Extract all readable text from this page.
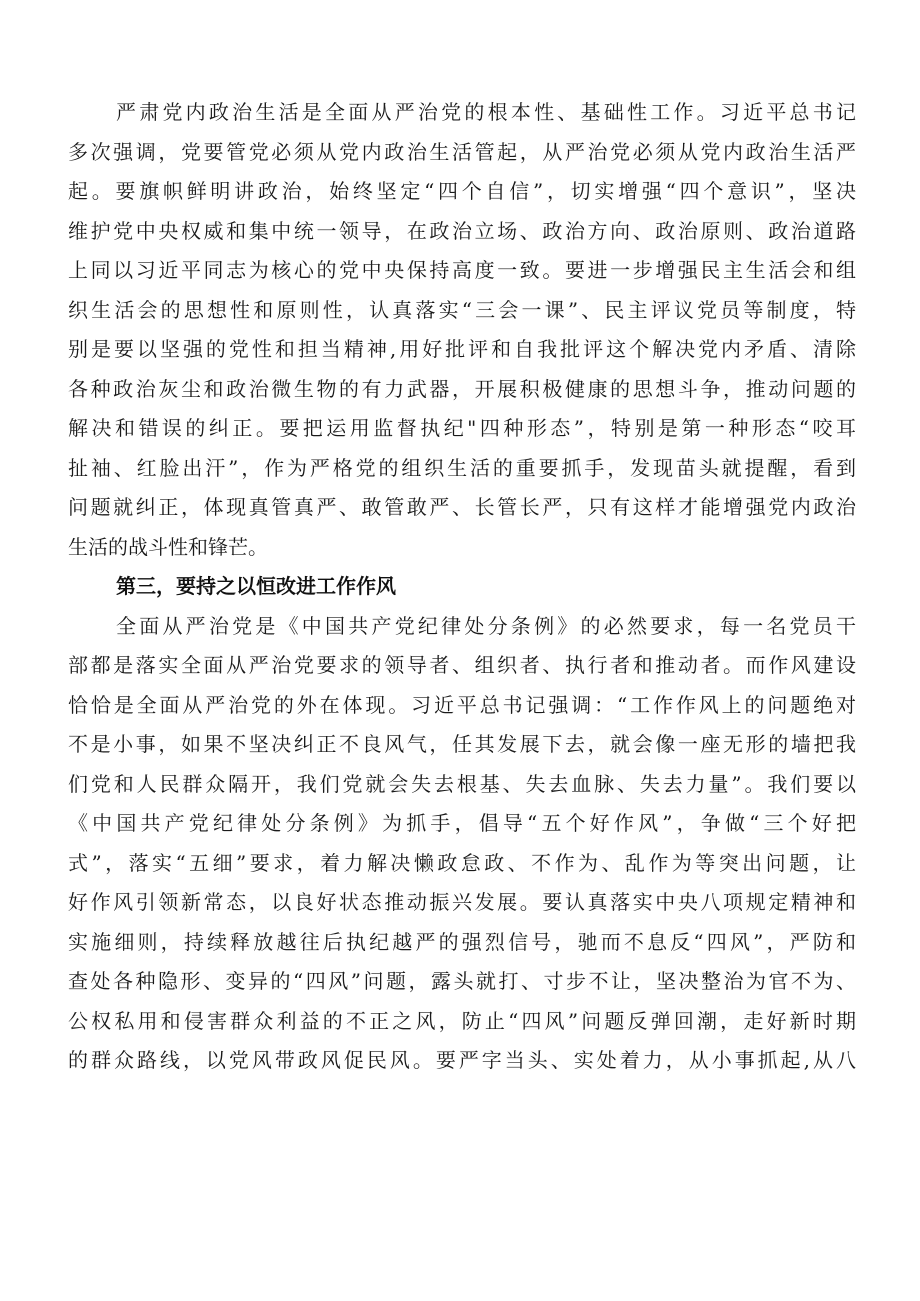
严肃党内政治生活是全面从严治党的根本性、基础性工作。习近平总书记
多次强调，党要管党必须从党内政治生活管起，从严治党必须从党内政治生活严
起。要旗帜鲜明讲政治，始终坚定“四个自信”，切实增强“四个意识”，坚决
维护党中央权威和集中统一领导，在政治立场、政治方向、政治原则、政治道路
上同以习近平同志为核心的党中央保持高度一致。要进一步增强民主生活会和组
织生活会的思想性和原则性，认真落实“三会一课”、民主评议党员等制度，特
别是要以坚强的党性和担当精神,用好批评和自我批评这个解决党内矛盾、清除
各种政治灰尘和政治微生物的有力武器，开展积极健康的思想斗争，推动问题的
解决和错误的纠正。要把运用监督执纪"四种形态”，特别是第一种形态“咬耳
扯袖、红脸出汗”，作为严格党的组织生活的重要抓手，发现苗头就提醒，看到
问题就纠正，体现真管真严、敢管敢严、长管长严，只有这样才能增强党内政治
生活的战斗性和锋芒。
第三，要持之以恒改进工作作风
全面从严治党是《中国共产党纪律处分条例》的必然要求，每一名党员干
部都是落实全面从严治党要求的领导者、组织者、执行者和推动者。而作风建设
恰恰是全面从严治党的外在体现。习近平总书记强调：“工作作风上的问题绝对
不是小事，如果不坚决纠正不良风气，任其发展下去，就会像一座无形的墙把我
们党和人民群众隔开，我们党就会失去根基、失去血脉、失去力量”。我们要以
《中国共产党纪律处分条例》为抓手，倡导“五个好作风”，争做“三个好把
式”，落实“五细”要求，着力解决懒政怠政、不作为、乱作为等突出问题，让
好作风引领新常态，以良好状态推动振兴发展。要认真落实中央八项规定精神和
实施细则，持续释放越往后执纪越严的强烈信号，驰而不息反“四风”，严防和
查处各种隐形、变异的“四风”问题，露头就打、寸步不让，坚决整治为官不为、
公权私用和侵害群众利益的不正之风，防止“四风”问题反弹回潮，走好新时期
的群众路线，以党风带政风促民风。要严字当头、实处着力，从小事抓起,从八
